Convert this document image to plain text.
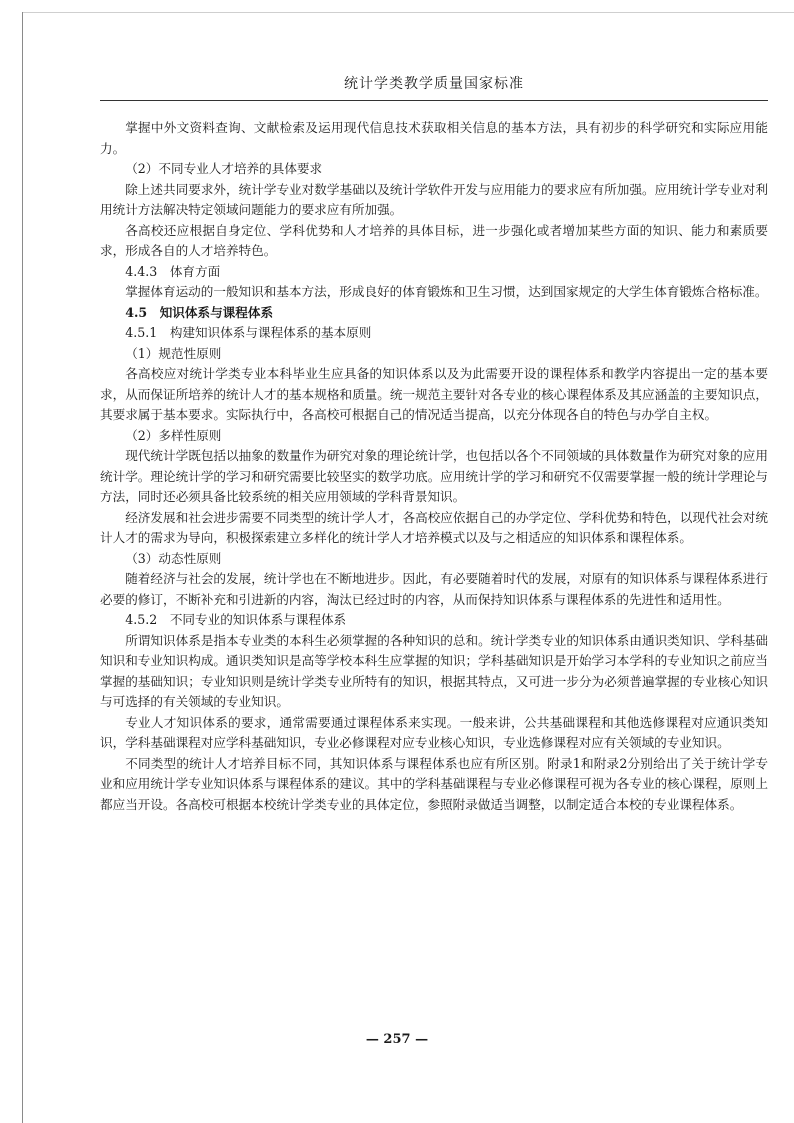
统计学类教学质量国家标准

掌握中外文资料查询、文献检索及运用现代信息技术获取相关信息的基本方法，具有初步的科学研究和实际应用能力。

（2）不同专业人才培养的具体要求

除上述共同要求外，统计学专业对数学基础以及统计学软件开发与应用能力的要求应有所加强。应用统计学专业对利用统计方法解决特定领域问题能力的要求应有所加强。

各高校还应根据自身定位、学科优势和人才培养的具体目标，进一步强化或者增加某些方面的知识、能力和素质要求，形成各自的人才培养特色。

4.4.3　体育方面

掌握体育运动的一般知识和基本方法，形成良好的体育锻炼和卫生习惯，达到国家规定的大学生体育锻炼合格标准。

4.5　知识体系与课程体系

4.5.1　构建知识体系与课程体系的基本原则

（1）规范性原则

各高校应对统计学类专业本科毕业生应具备的知识体系以及为此需要开设的课程体系和教学内容提出一定的基本要求，从而保证所培养的统计人才的基本规格和质量。统一规范主要针对各专业的核心课程体系及其应涵盖的主要知识点，其要求属于基本要求。实际执行中，各高校可根据自己的情况适当提高，以充分体现各自的特色与办学自主权。

（2）多样性原则

现代统计学既包括以抽象的数量作为研究对象的理论统计学，也包括以各个不同领域的具体数量作为研究对象的应用统计学。理论统计学的学习和研究需要比较坚实的数学功底。应用统计学的学习和研究不仅需要掌握一般的统计学理论与方法，同时还必须具备比较系统的相关应用领域的学科背景知识。

经济发展和社会进步需要不同类型的统计学人才，各高校应依据自己的办学定位、学科优势和特色，以现代社会对统计人才的需求为导向，积极探索建立多样化的统计学人才培养模式以及与之相适应的知识体系和课程体系。

（3）动态性原则

随着经济与社会的发展，统计学也在不断地进步。因此，有必要随着时代的发展，对原有的知识体系与课程体系进行必要的修订，不断补充和引进新的内容，淘汰已经过时的内容，从而保持知识体系与课程体系的先进性和适用性。

4.5.2　不同专业的知识体系与课程体系

所谓知识体系是指本专业类的本科生必须掌握的各种知识的总和。统计学类专业的知识体系由通识类知识、学科基础知识和专业知识构成。通识类知识是高等学校本科生应掌握的知识；学科基础知识是开始学习本学科的专业知识之前应当掌握的基础知识；专业知识则是统计学类专业所特有的知识，根据其特点，又可进一步分为必须普遍掌握的专业核心知识与可选择的有关领域的专业知识。

专业人才知识体系的要求，通常需要通过课程体系来实现。一般来讲，公共基础课程和其他选修课程对应通识类知识，学科基础课程对应学科基础知识，专业必修课程对应专业核心知识，专业选修课程对应有关领域的专业知识。

不同类型的统计人才培养目标不同，其知识体系与课程体系也应有所区别。附录1和附录2分别给出了关于统计学专业和应用统计学专业知识体系与课程体系的建议。其中的学科基础课程与专业必修课程可视为各专业的核心课程，原则上都应当开设。各高校可根据本校统计学类专业的具体定位，参照附录做适当调整，以制定适合本校的专业课程体系。

— 257 —
